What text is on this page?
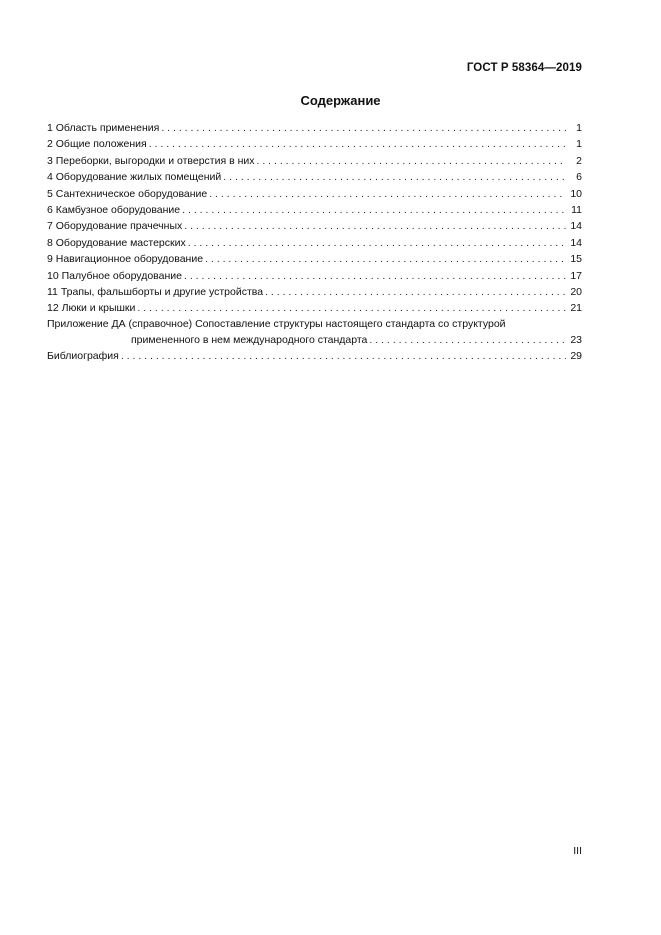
ГОСТ Р 58364—2019
Содержание
1 Область применения . . .	1
2 Общие положения . . .	1
3 Переборки, выгородки и отверстия в них . . .	2
4 Оборудование жилых помещений . . .	6
5 Сантехническое оборудование . . .	10
6 Камбузное оборудование . . .	11
7 Оборудование прачечных . . .	14
8 Оборудование мастерских . . .	14
9 Навигационное оборудование . . .	15
10 Палубное оборудование . . .	17
11 Трапы, фальшборты и другие устройства . . .	20
12 Люки и крышки . . .	21
Приложение ДА (справочное) Сопоставление структуры настоящего стандарта со структурой
примененного в нем международного стандарта . . .	23
Библиография . . .	29
III
